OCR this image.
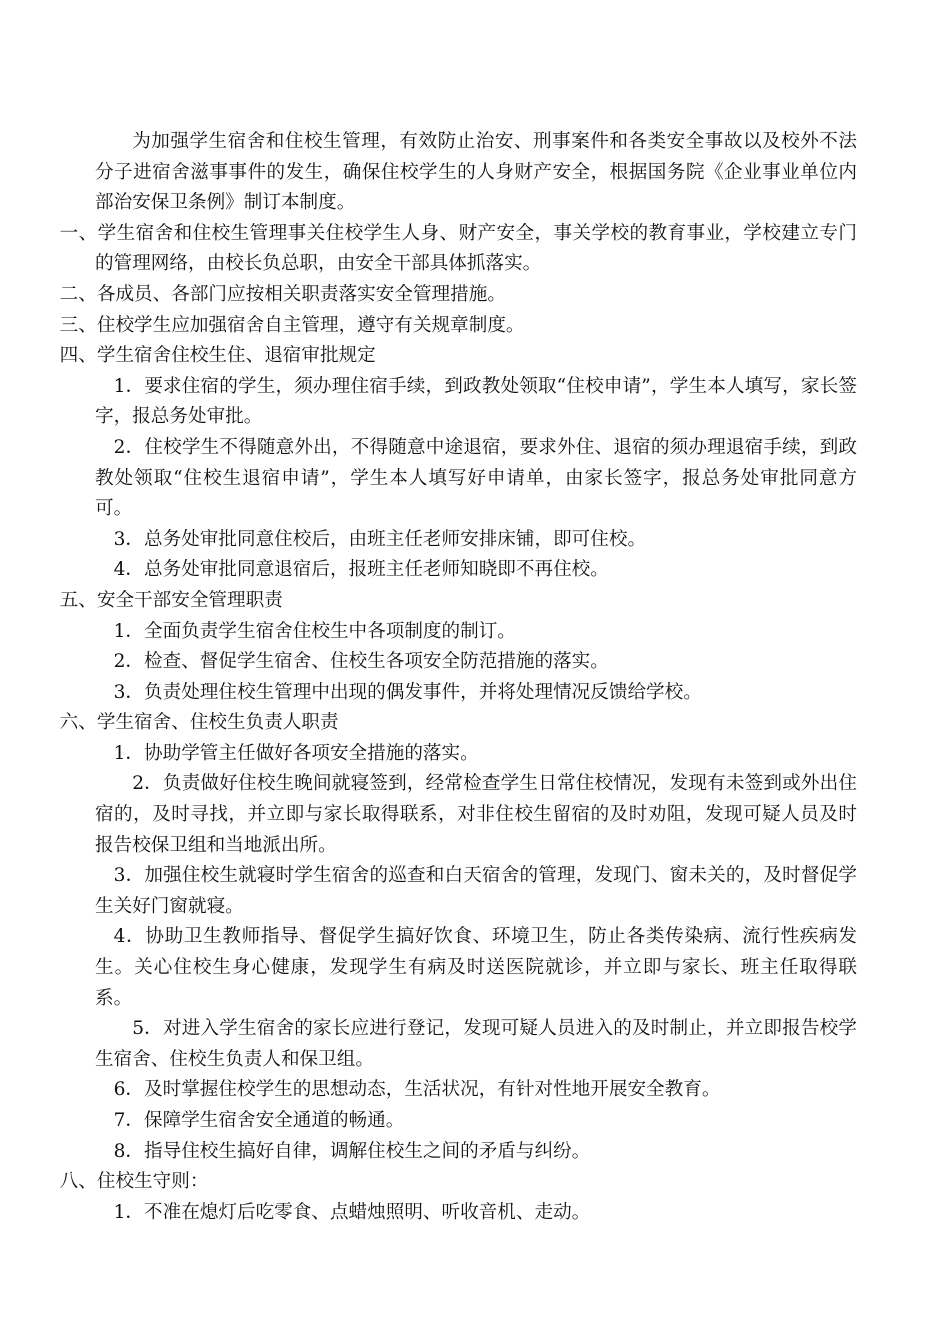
为加强学生宿舍和住校生管理，有效防止治安、刑事案件和各类安全事故以及校外不法分子进宿舍滋事事件的发生，确保住校学生的人身财产安全，根据国务院《企业事业单位内部治安保卫条例》制订本制度。

一、学生宿舍和住校生管理事关住校学生人身、财产安全，事关学校的教育事业，学校建立专门的管理网络，由校长负总职，由安全干部具体抓落实。

二、各成员、各部门应按相关职责落实安全管理措施。

三、住校学生应加强宿舍自主管理，遵守有关规章制度。

四、学生宿舍住校生住、退宿审批规定

1．要求住宿的学生，须办理住宿手续，到政教处领取“住校申请”，学生本人填写，家长签字，报总务处审批。

2．住校学生不得随意外出，不得随意中途退宿，要求外住、退宿的须办理退宿手续，到政教处领取“住校生退宿申请”，学生本人填写好申请单，由家长签字，报总务处审批同意方可。

3．总务处审批同意住校后，由班主任老师安排床铺，即可住校。

4．总务处审批同意退宿后，报班主任老师知晓即不再住校。

五、安全干部安全管理职责

1．全面负责学生宿舍住校生中各项制度的制订。

2．检查、督促学生宿舍、住校生各项安全防范措施的落实。

3．负责处理住校生管理中出现的偶发事件，并将处理情况反馈给学校。

六、学生宿舍、住校生负责人职责

1．协助学管主任做好各项安全措施的落实。

2．负责做好住校生晚间就寝签到，经常检查学生日常住校情况，发现有未签到或外出住宿的，及时寻找，并立即与家长取得联系，对非住校生留宿的及时劝阻，发现可疑人员及时报告校保卫组和当地派出所。

3．加强住校生就寝时学生宿舍的巡查和白天宿舍的管理，发现门、窗未关的，及时督促学生关好门窗就寝。

4．协助卫生教师指导、督促学生搞好饮食、环境卫生，防止各类传染病、流行性疾病发生。关心住校生身心健康，发现学生有病及时送医院就诊，并立即与家长、班主任取得联系。

5．对进入学生宿舍的家长应进行登记，发现可疑人员进入的及时制止，并立即报告校学生宿舍、住校生负责人和保卫组。

6．及时掌握住校学生的思想动态，生活状况，有针对性地开展安全教育。

7．保障学生宿舍安全通道的畅通。

8．指导住校生搞好自律，调解住校生之间的矛盾与纠纷。

八、住校生守则：

1．不准在熄灯后吃零食、点蜡烛照明、听收音机、走动。
